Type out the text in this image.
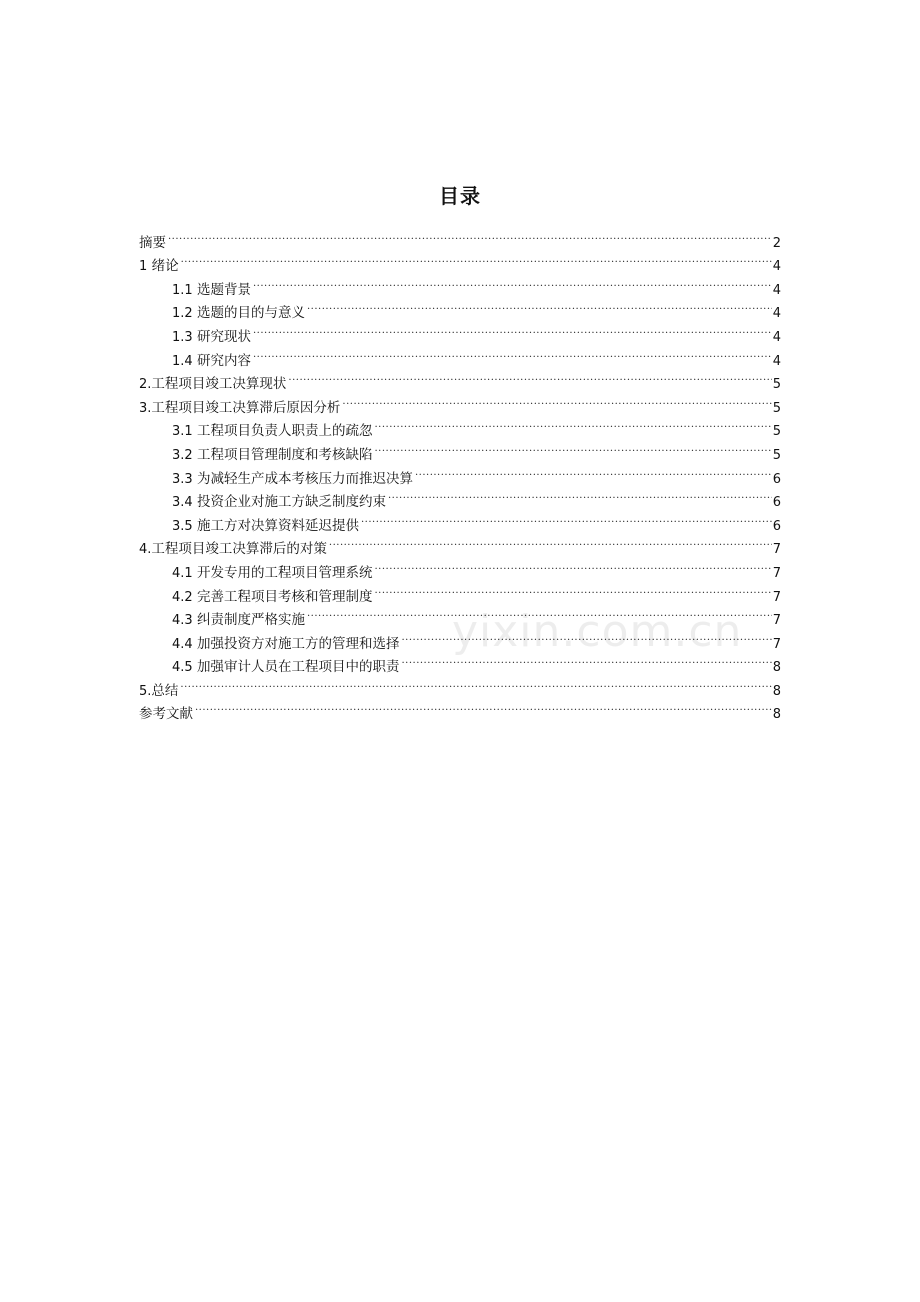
目录
摘要 .....	2
1 绪论 .....	4
1.1 选题背景 .....	4
1.2 选题的目的与意义 .....	4
1.3 研究现状 .....	4
1.4 研究内容 .....	4
2.工程项目竣工决算现状 .....	5
3.工程项目竣工决算滞后原因分析 .....	5
3.1 工程项目负责人职责上的疏忽 .....	5
3.2 工程项目管理制度和考核缺陷 .....	5
3.3 为减轻生产成本考核压力而推迟决算 .....	6
3.4 投资企业对施工方缺乏制度约束 .....	6
3.5 施工方对决算资料延迟提供 .....	6
4.工程项目竣工决算滞后的对策 .....	7
4.1 开发专用的工程项目管理系统 .....	7
4.2 完善工程项目考核和管理制度 .....	7
4.3 纠责制度严格实施 .....	7
4.4 加强投资方对施工方的管理和选择 .....	7
4.5 加强审计人员在工程项目中的职责 .....	8
5.总结 .....	8
参考文献 .....	8
yixin.com.cn
